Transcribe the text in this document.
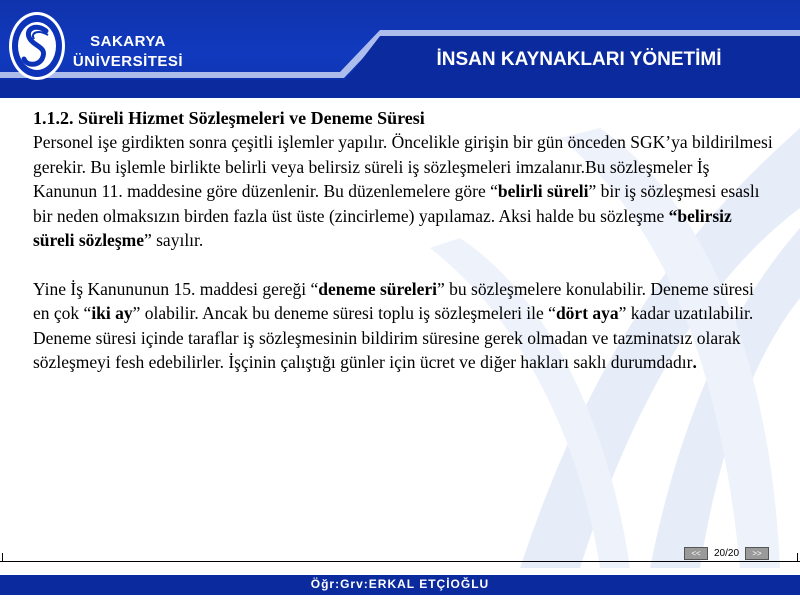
SAKARYA
ÜNİVERSİTESİ	İNSAN KAYNAKLARI YÖNETİMİ
1.1.2. Süreli Hizmet Sözleşmeleri ve Deneme Süresi

Personel işe girdikten sonra çeşitli işlemler yapılır. Öncelikle girişin bir gün önceden SGK’ya bildirilmesi gerekir. Bu işlemle birlikte belirli veya belirsiz süreli iş sözleşmeleri imzalanır.Bu sözleşmeler İş Kanunun 11. maddesine göre düzenlenir. Bu düzenlemelere göre “belirli süreli” bir iş sözleşmesi esaslı bir neden olmaksızın birden fazla üst üste (zincirleme) yapılamaz. Aksi halde bu sözleşme “belirsiz süreli sözleşme” sayılır.

Yine İş Kanununun 15. maddesi gereği “deneme süreleri” bu sözleşmelere konulabilir. Deneme süresi en çok “iki ay” olabilir. Ancak bu deneme süresi toplu iş sözleşmeleri ile “dört aya” kadar uzatılabilir. Deneme süresi içinde taraflar iş sözleşmesinin bildirim süresine gerek olmadan ve tazminatsız olarak sözleşmeyi fesh edebilirler. İşçinin çalıştığı günler için ücret ve diğer hakları saklı durumdadır.

<<	20/20	>>
Öğr:Grv:ERKAL ETÇİOĞLU
